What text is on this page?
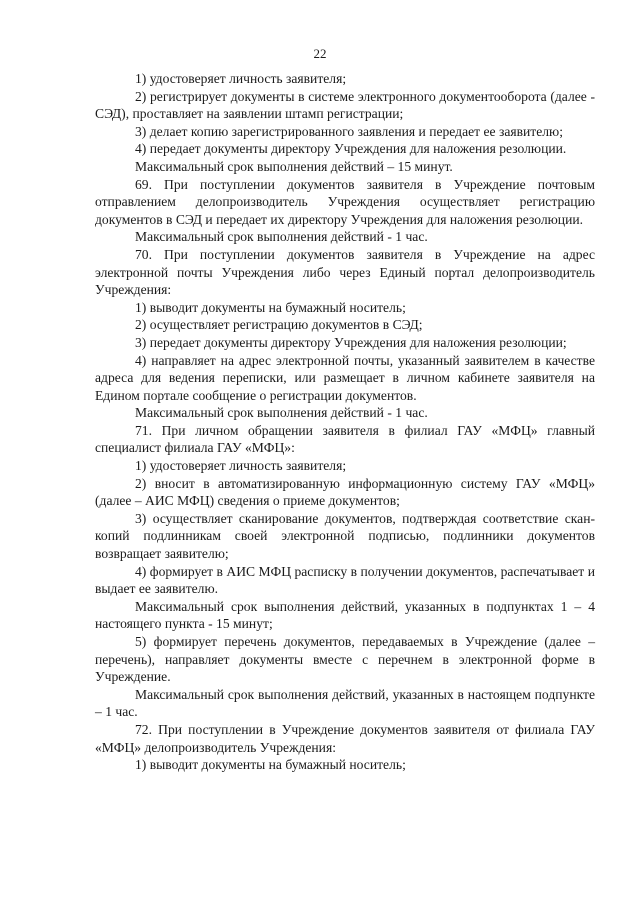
22

1) удостоверяет личность заявителя;

2) регистрирует документы в системе электронного документооборота (далее - СЭД), проставляет на заявлении штамп регистрации;

3) делает копию зарегистрированного заявления и передает ее заявителю;

4) передает документы директору Учреждения для наложения резолюции.

Максимальный срок выполнения действий – 15 минут.

69. При поступлении документов заявителя в Учреждение почтовым отправлением делопроизводитель Учреждения осуществляет регистрацию документов в СЭД и передает их директору Учреждения для наложения резолюции.

Максимальный срок выполнения действий - 1 час.

70. При поступлении документов заявителя в Учреждение на адрес электронной почты Учреждения либо через Единый портал делопроизводитель Учреждения:

1) выводит документы на бумажный носитель;

2) осуществляет регистрацию документов в СЭД;

3) передает документы директору Учреждения для наложения резолюции;

4) направляет на адрес электронной почты, указанный заявителем в качестве адреса для ведения переписки, или размещает в личном кабинете заявителя на Едином портале сообщение о регистрации документов.

Максимальный срок выполнения действий - 1 час.

71. При личном обращении заявителя в филиал ГАУ «МФЦ» главный специалист филиала ГАУ «МФЦ»:

1) удостоверяет личность заявителя;

2) вносит в автоматизированную информационную систему ГАУ «МФЦ» (далее – АИС МФЦ) сведения о приеме документов;

3) осуществляет сканирование документов, подтверждая соответствие скан-копий подлинникам своей электронной подписью, подлинники документов возвращает заявителю;

4) формирует в АИС МФЦ расписку в получении документов, распечатывает и выдает ее заявителю.

Максимальный срок выполнения действий, указанных в подпунктах 1 – 4 настоящего пункта - 15 минут;

5) формирует перечень документов, передаваемых в Учреждение (далее – перечень), направляет документы вместе с перечнем в электронной форме в Учреждение.

Максимальный срок выполнения действий, указанных в настоящем подпункте – 1 час.

72. При поступлении в Учреждение документов заявителя от филиала ГАУ «МФЦ» делопроизводитель Учреждения:

1) выводит документы на бумажный носитель;
